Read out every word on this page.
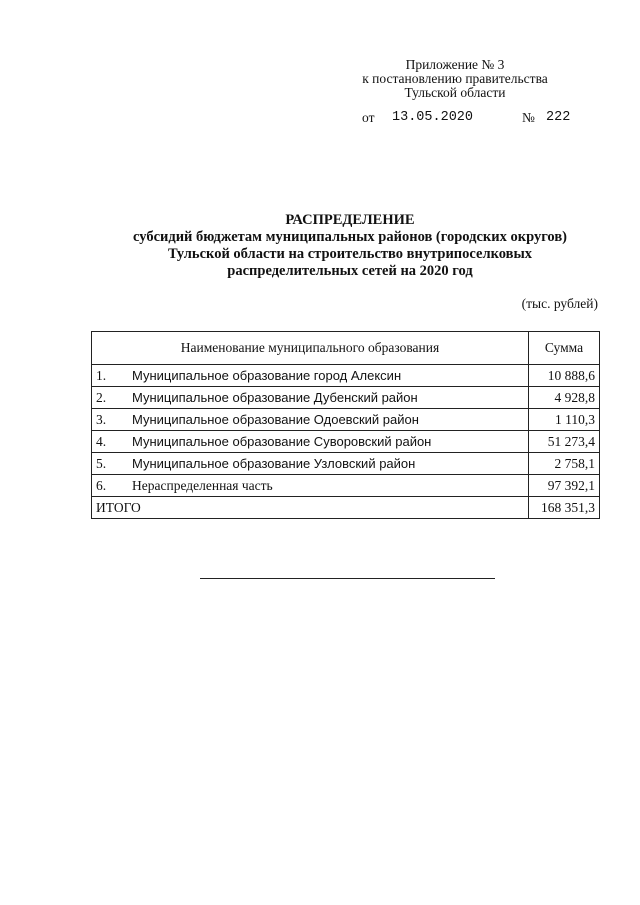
Приложение № 3
к постановлению правительства
Тульской области
от 13.05.2020	№ 222
РАСПРЕДЕЛЕНИЕ
субсидий бюджетам муниципальных районов (городских округов)
Тульской области на строительство внутрипоселковых
распределительных сетей на 2020 год
(тыс. рублей)
Наименование муниципального образования		Сумма
1.	Муниципальное образование город Алексин	10 888,6
2.	Муниципальное образование Дубенский район	4 928,8
3.	Муниципальное образование Одоевский район	1 110,3
4.	Муниципальное образование Суворовский район	51 273,4
5.	Муниципальное образование Узловский район	2 758,1
6.	Нераспределенная часть	97 392,1
ИТОГО		168 351,3
